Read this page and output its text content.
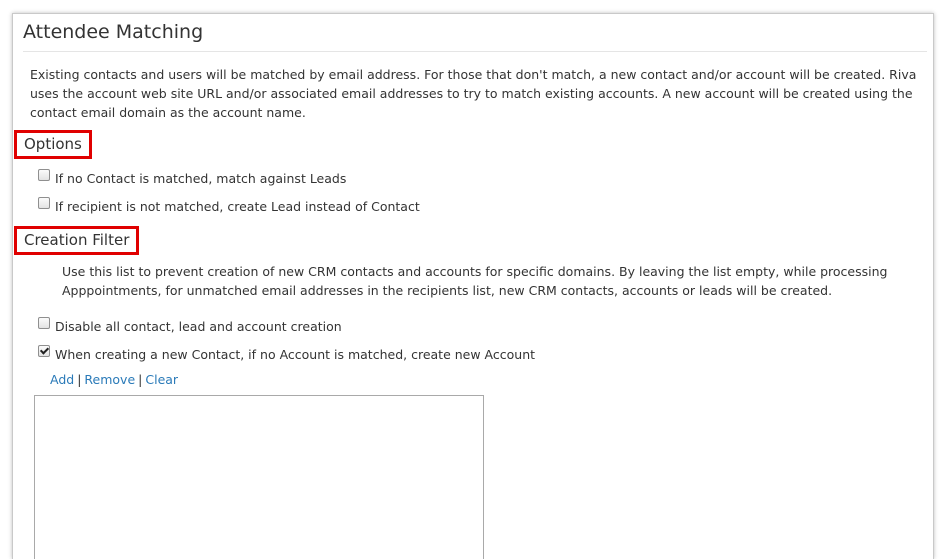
Attendee Matching
Existing contacts and users will be matched by email address. For those that don't match, a new contact and/or account will be created. Riva uses the account web site URL and/or associated email addresses to try to match existing accounts. A new account will be created using the contact email domain as the account name.
Options
If no Contact is matched, match against Leads
If recipient is not matched, create Lead instead of Contact
Creation Filter
Use this list to prevent creation of new CRM contacts and accounts for specific domains. By leaving the list empty, while processing Apppointments, for unmatched email addresses in the recipients list, new CRM contacts, accounts or leads will be created.
Disable all contact, lead and account creation
When creating a new Contact, if no Account is matched, create new Account
Add | Remove | Clear
